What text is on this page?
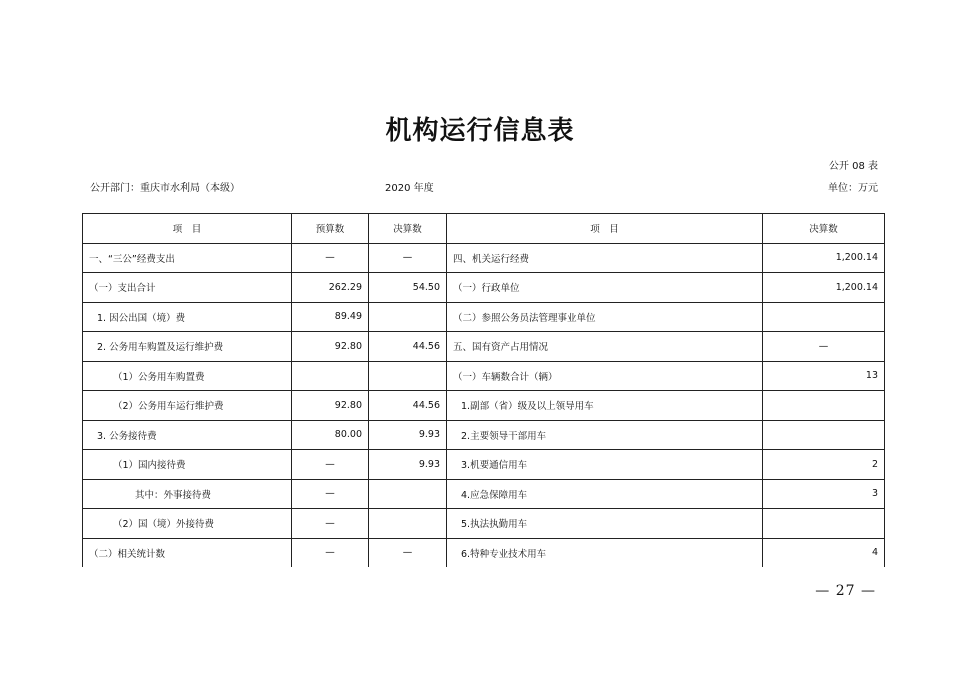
机构运行信息表
公开 08 表
公开部门：重庆市水利局（本级）	2020 年度	单位：万元
项　目	预算数	决算数	项　目	决算数
一、“三公”经费支出	—	—	四、机关运行经费	1,200.14
（一）支出合计	262.29	54.50	（一）行政单位	1,200.14
1. 因公出国（境）费	89.49		（二）参照公务员法管理事业单位	
2. 公务用车购置及运行维护费	92.80	44.56	五、国有资产占用情况	—
（1）公务用车购置费			（一）车辆数合计（辆）	13
（2）公务用车运行维护费	92.80	44.56	1.副部（省）级及以上领导用车	
3. 公务接待费	80.00	9.93	2.主要领导干部用车	
（1）国内接待费	—	9.93	3.机要通信用车	2
其中：外事接待费	—		4.应急保障用车	3
（2）国（境）外接待费	—		5.执法执勤用车	
（二）相关统计数	—	—	6.特种专业技术用车	4
— 27 —
